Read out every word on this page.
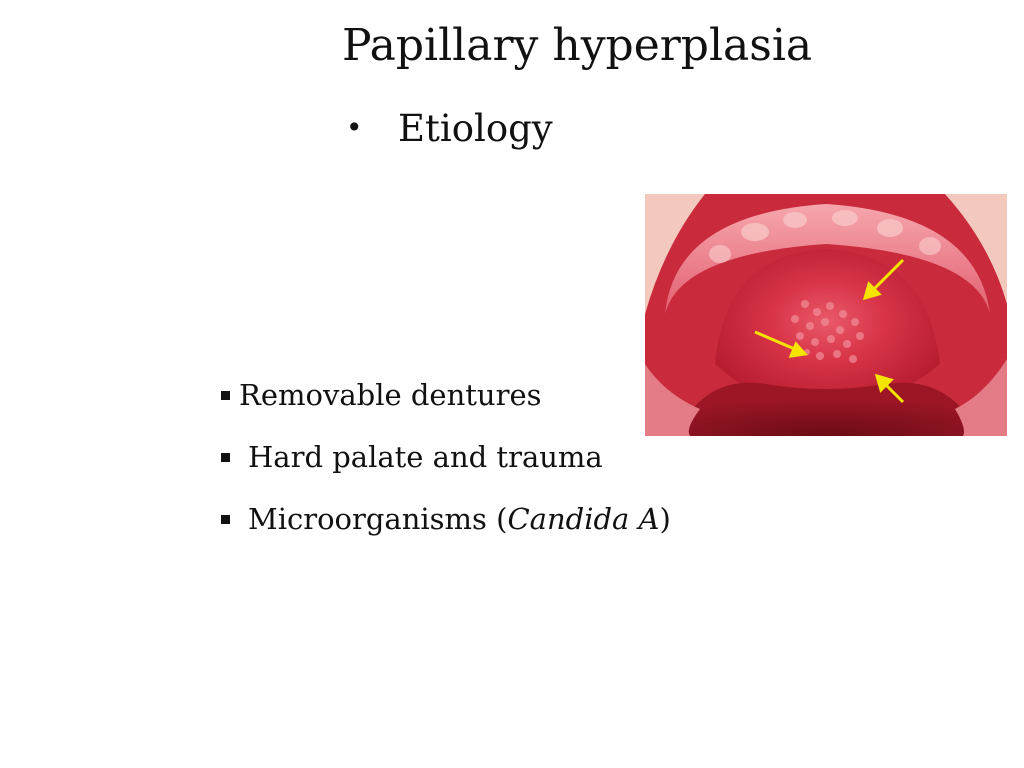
Papillary hyperplasia
• Etiology
Removable dentures
Hard palate and trauma
Microorganisms (Candida A)
